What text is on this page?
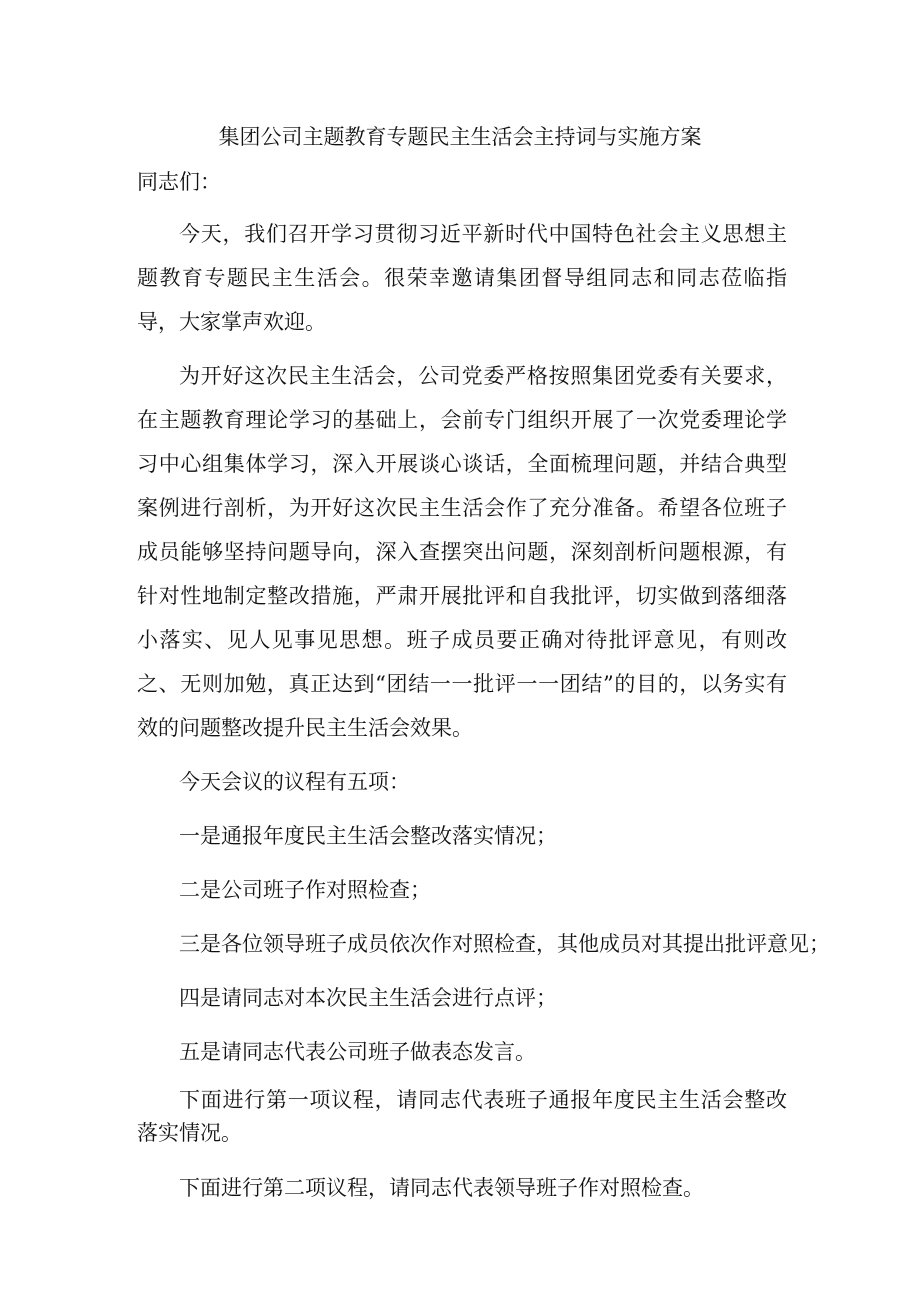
集团公司主题教育专题民主生活会主持词与实施方案
同志们：

今天，我们召开学习贯彻习近平新时代中国特色社会主义思想主题教育专题民主生活会。很荣幸邀请集团督导组同志和同志莅临指导，大家掌声欢迎。

为开好这次民主生活会，公司党委严格按照集团党委有关要求，在主题教育理论学习的基础上，会前专门组织开展了一次党委理论学习中心组集体学习，深入开展谈心谈话，全面梳理问题，并结合典型案例进行剖析，为开好这次民主生活会作了充分准备。希望各位班子成员能够坚持问题导向，深入查摆突出问题，深刻剖析问题根源，有针对性地制定整改措施，严肃开展批评和自我批评，切实做到落细落小落实、见人见事见思想。班子成员要正确对待批评意见，有则改之、无则加勉，真正达到“团结一一批评一一团结”的目的，以务实有效的问题整改提升民主生活会效果。

今天会议的议程有五项：

一是通报年度民主生活会整改落实情况；

二是公司班子作对照检查；

三是各位领导班子成员依次作对照检查，其他成员对其提出批评意见；

四是请同志对本次民主生活会进行点评；

五是请同志代表公司班子做表态发言。

下面进行第一项议程，请同志代表班子通报年度民主生活会整改落实情况。

下面进行第二项议程，请同志代表领导班子作对照检查。
